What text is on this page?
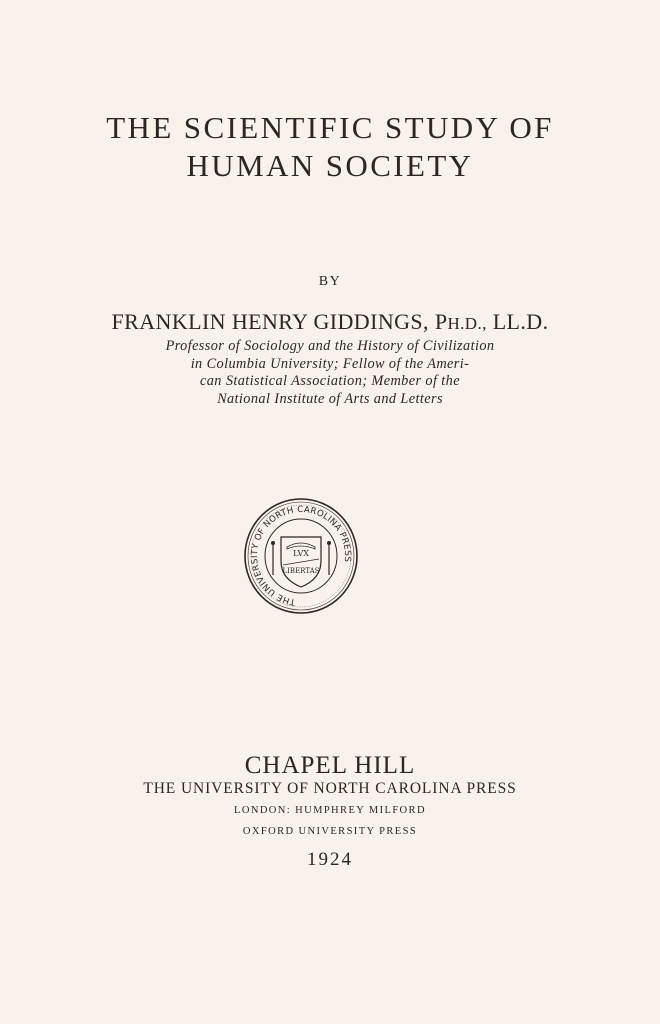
THE SCIENTIFIC STUDY OF
HUMAN SOCIETY
BY
FRANKLIN HENRY GIDDINGS, PH.D., LL.D.
Professor of Sociology and the History of Civilization
in Columbia University; Fellow of the Ameri-
can Statistical Association; Member of the
National Institute of Arts and Letters
THE UNIVERSITY OF NORTH CAROLINA PRESS
LVX
LIBERTAS
CHAPEL HILL
THE UNIVERSITY OF NORTH CAROLINA PRESS
LONDON: HUMPHREY MILFORD
OXFORD UNIVERSITY PRESS
1924
